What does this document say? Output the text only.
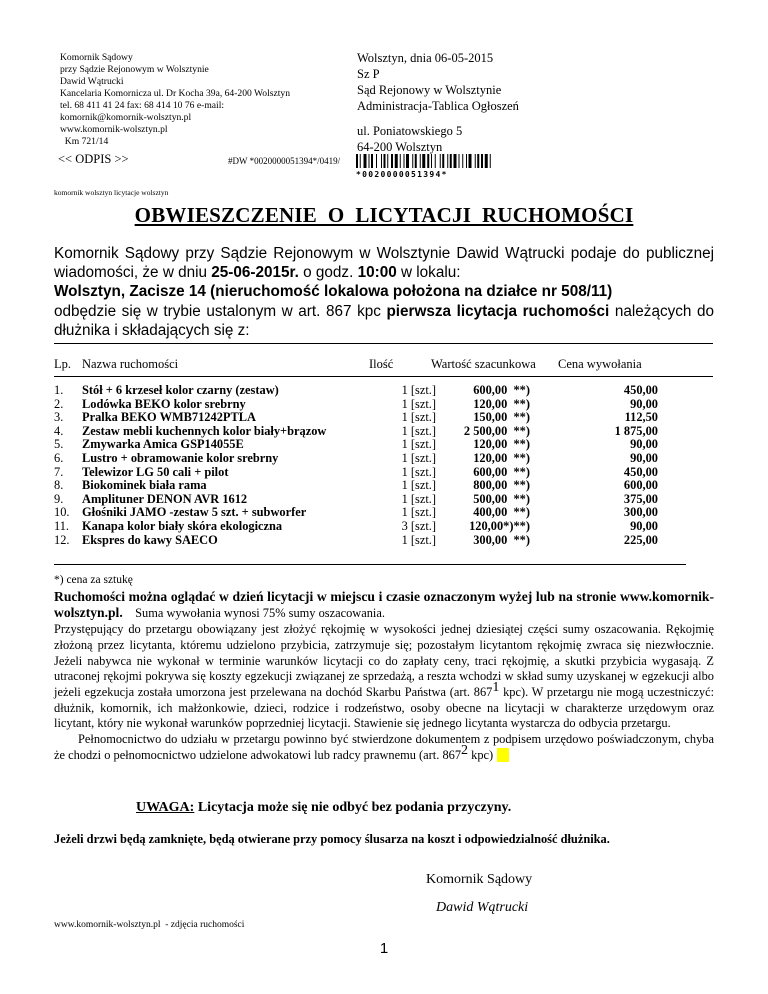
Komornik Sądowy
przy Sądzie Rejonowym w Wolsztynie
Dawid Wątrucki
Kancelaria Komornicza ul. Dr Kocha 39a, 64-200 Wolsztyn
tel. 68 411 41 24 fax: 68 414 10 76 e-mail:
komornik@komornik-wolsztyn.pl
www.komornik-wolsztyn.pl
Km 721/14
Wolsztyn, dnia 06-05-2015
Sz P
Sąd Rejonowy w Wolsztynie
Administracja-Tablica Ogłoszeń
ul. Poniatowskiego 5
64-200 Wolsztyn
<< ODPIS >>	#DW *0020000051394*/0419/
*0020000051394*
komornik wolsztyn licytacje wolsztyn
OBWIESZCZENIE  O  LICYTACJI  RUCHOMOŚCI
Komornik Sądowy przy Sądzie Rejonowym w Wolsztynie Dawid Wątrucki podaje do publicznej wiadomości, że w dniu 25-06-2015r. o godz. 10:00 w lokalu:
Wolsztyn, Zacisze 14 (nieruchomość lokalowa położona na działce nr 508/11)
odbędzie się w trybie ustalonym w art. 867 kpc pierwsza licytacja ruchomości należących do dłużnika i składających się z:
Lp. Nazwa ruchomości	Ilość	Wartość szacunkowa Cena wywołania
1. Stół + 6 krzeseł kolor czarny (zestaw)	1 [szt.]	600,00  **)	450,00
2. Lodówka BEKO kolor srebrny	1 [szt.]	120,00  **)	90,00
3. Pralka BEKO WMB71242PTLA	1 [szt.]	150,00  **)	112,50
4. Zestaw mebli kuchennych kolor biały+brązow	1 [szt.]	2 500,00  **)	1 875,00
5. Zmywarka Amica GSP14055E	1 [szt.]	120,00  **)	90,00
6. Lustro + obramowanie kolor srebrny	1 [szt.]	120,00  **)	90,00
7. Telewizor LG 50 cali + pilot	1 [szt.]	600,00  **)	450,00
8. Biokominek biała rama	1 [szt.]	800,00  **)	600,00
9. Amplituner DENON AVR 1612	1 [szt.]	500,00  **)	375,00
10. Głośniki JAMO -zestaw 5 szt. + subworfer	1 [szt.]	400,00  **)	300,00
11. Kanapa kolor biały skóra ekologiczna	3 [szt.]	120,00*)**)	90,00
12. Ekspres do kawy SAECO	1 [szt.]	300,00  **)	225,00

*) cena za sztukę

Ruchomości można oglądać w dzień licytacji w miejscu i czasie oznaczonym wyżej lub na stronie www.komornik-wolsztyn.pl.    Suma wywołania wynosi 75% sumy oszacowania.

Przystępujący do przetargu obowiązany jest złożyć rękojmię w wysokości jednej dziesiątej części sumy oszacowania. Rękojmię złożoną przez licytanta, któremu udzielono przybicia, zatrzymuje się; pozostałym licytantom rękojmię zwraca się niezwłocznie. Jeżeli nabywca nie wykonał w terminie warunków licytacji co do zapłaty ceny, traci rękojmię, a skutki przybicia wygasają. Z utraconej rękojmi pokrywa się koszty egzekucji związanej ze sprzedażą, a reszta wchodzi w skład sumy uzyskanej w egzekucji albo jeżeli egzekucja została umorzona jest przelewana na dochód Skarbu Państwa (art. $867^1$ kpc). W przetargu nie mogą uczestniczyć: dłużnik, komornik, ich małżonkowie, dzieci, rodzice i rodzeństwo, osoby obecne na licytacji w charakterze urzędowym oraz licytant, który nie wykonał warunków poprzedniej licytacji. Stawienie się jednego licytanta wystarcza do odbycia przetargu.

Pełnomocnictwo do udziału w przetargu powinno być stwierdzone dokumentem z podpisem urzędowo poświadczonym, chyba że chodzi o pełnomocnictwo udzielone adwokatowi lub radcy prawnemu (art. $867^2$ kpc)

UWAGA: Licytacja może się nie odbyć bez podania przyczyny.
Jeżeli drzwi będą zamknięte, będą otwierane przy pomocy ślusarza na koszt i odpowiedzialność dłużnika.
Komornik Sądowy
Dawid Wątrucki
www.komornik-wolsztyn.pl  - zdjęcia ruchomości
1
